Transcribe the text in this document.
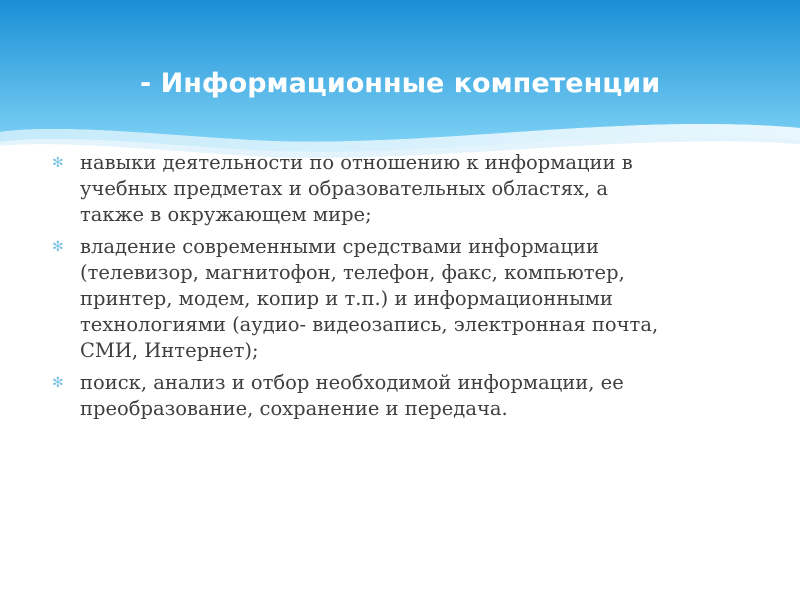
- Информационные компетенции
✻ навыки деятельности по отношению к информации в
учебных предметах и образовательных областях, а
также в окружающем мире;
✻ владение современными средствами информации
(телевизор, магнитофон, телефон, факс, компьютер,
принтер, модем, копир и т.п.) и информационными
технологиями (аудио- видеозапись, электронная почта,
СМИ, Интернет);
✻ поиск, анализ и отбор необходимой информации, ее
преобразование, сохранение и передача.
